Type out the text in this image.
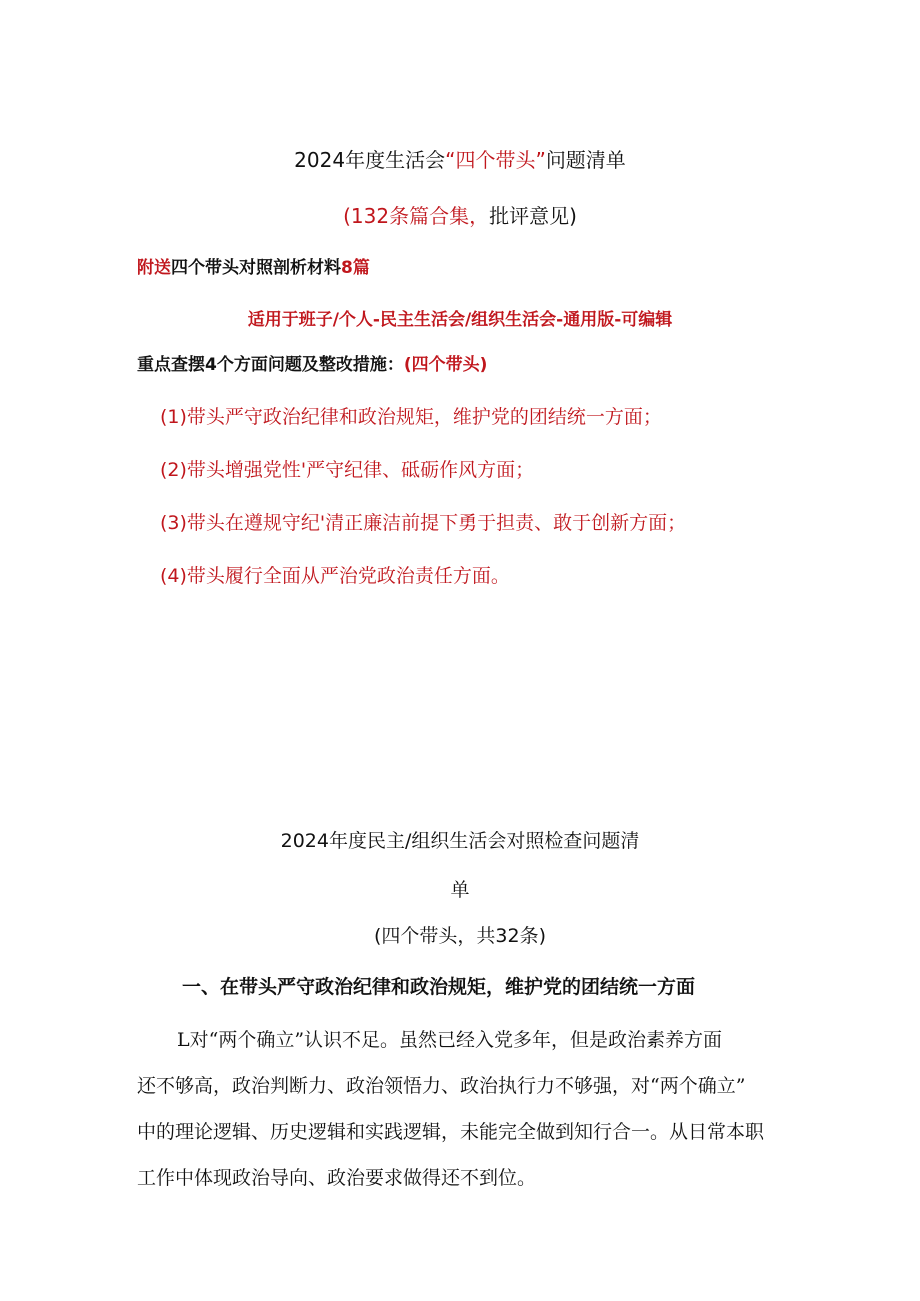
2024年度生活会“四个带头”问题清单
(132条篇合集，批评意见)
附送四个带头对照剖析材料8篇
适用于班子/个人-民主生活会/组织生活会-通用版-可编辑
重点查摆4个方面问题及整改措施：(四个带头)
(1)带头严守政治纪律和政治规矩，维护党的团结统一方面；
(2)带头增强党性'严守纪律、砥砺作风方面；
(3)带头在遵规守纪'清正廉洁前提下勇于担责、敢于创新方面；
(4)带头履行全面从严治党政治责任方面。
2024年度民主/组织生活会对照检查问题清
单
(四个带头，共32条)
一、在带头严守政治纪律和政治规矩，维护党的团结统一方面
L对“两个确立”认识不足。虽然已经入党多年，但是政治素养方面
还不够高，政治判断力、政治领悟力、政治执行力不够强，对“两个确立”
中的理论逻辑、历史逻辑和实践逻辑，未能完全做到知行合一。从日常本职
工作中体现政治导向、政治要求做得还不到位。
